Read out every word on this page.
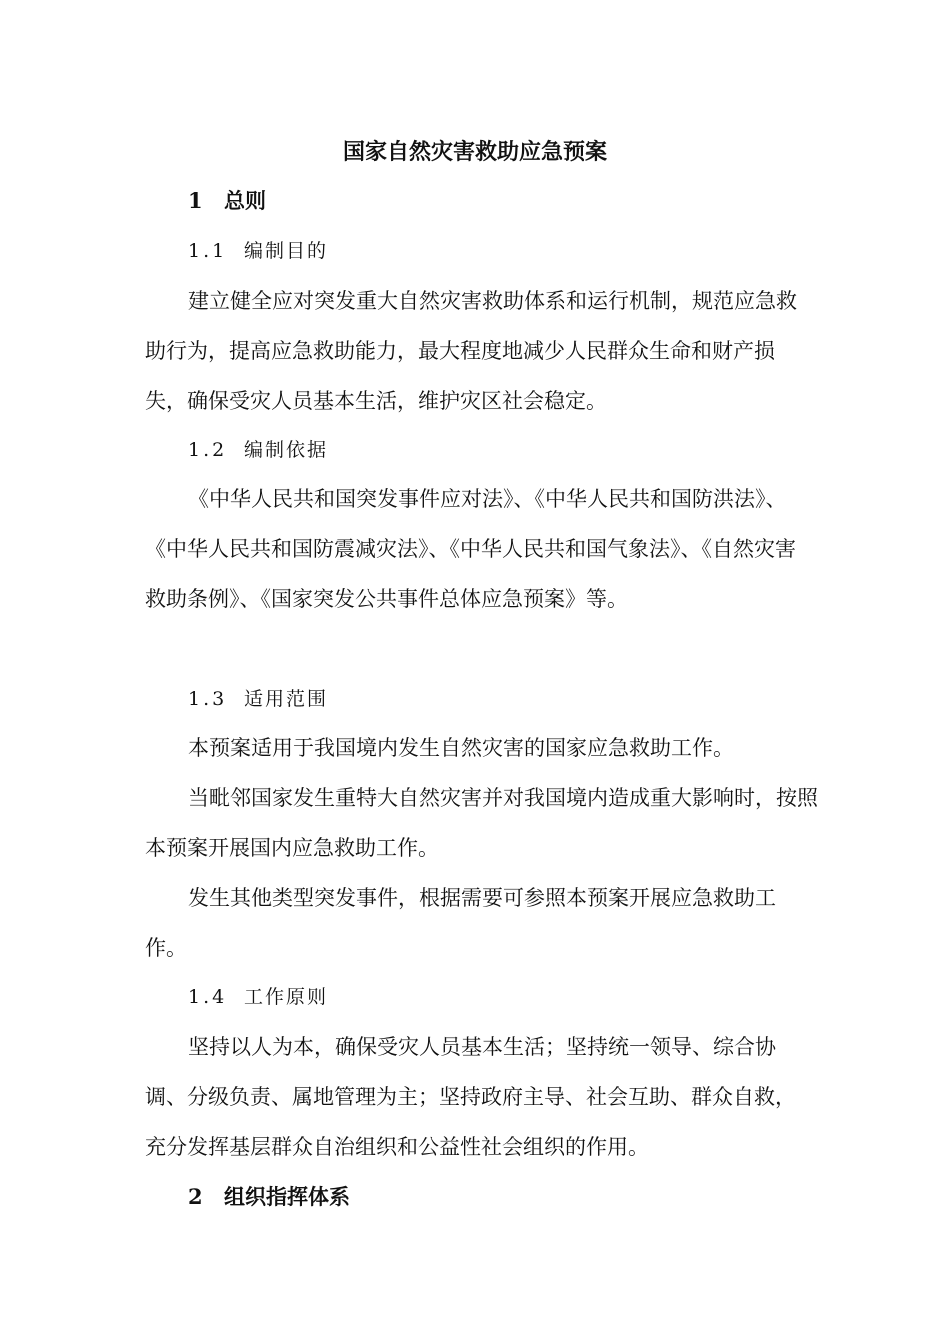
国家自然灾害救助应急预案
1 总则
1.1 编制目的

建立健全应对突发重大自然灾害救助体系和运行机制，规范应急救助行为，提高应急救助能力，最大程度地减少人民群众生命和财产损失，确保受灾人员基本生活，维护灾区社会稳定。

1.2 编制依据

《中华人民共和国突发事件应对法》、《中华人民共和国防洪法》、《中华人民共和国防震减灾法》、《中华人民共和国气象法》、《自然灾害救助条例》、《国家突发公共事件总体应急预案》等。

1.3 适用范围

本预案适用于我国境内发生自然灾害的国家应急救助工作。

当毗邻国家发生重特大自然灾害并对我国境内造成重大影响时，按照本预案开展国内应急救助工作。

发生其他类型突发事件，根据需要可参照本预案开展应急救助工作。

1.4 工作原则

坚持以人为本，确保受灾人员基本生活；坚持统一领导、综合协调、分级负责、属地管理为主；坚持政府主导、社会互助、群众自救，充分发挥基层群众自治组织和公益性社会组织的作用。

2 组织指挥体系
